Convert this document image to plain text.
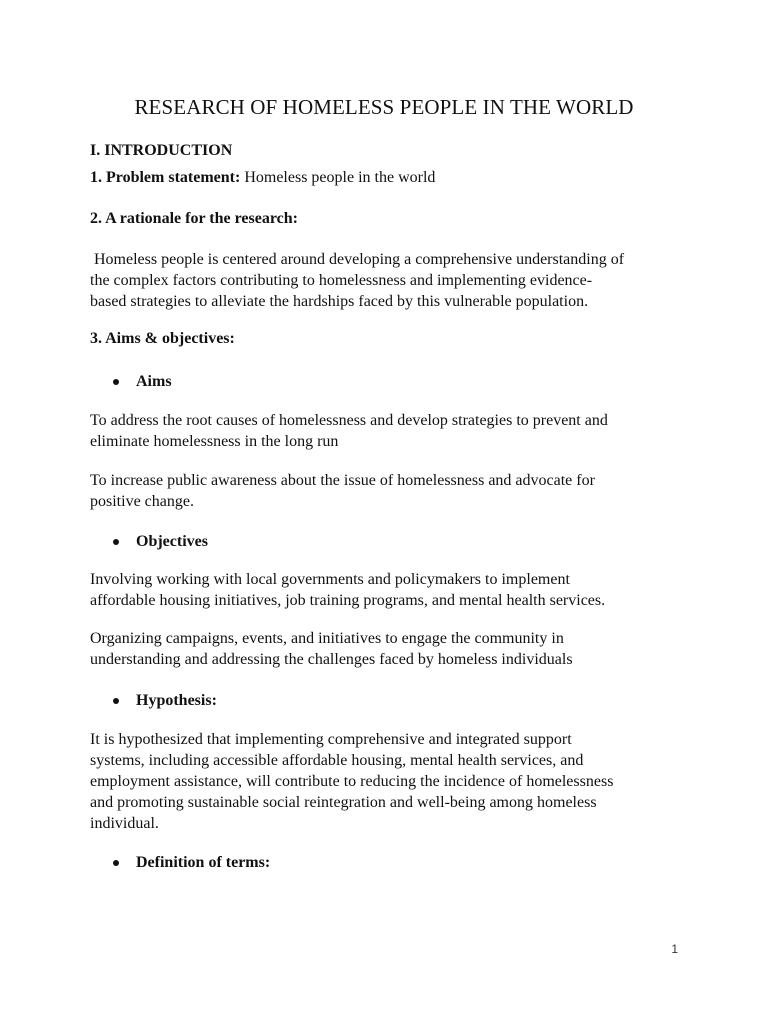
RESEARCH OF HOMELESS PEOPLE IN THE WORLD
I. INTRODUCTION
1. Problem statement: Homeless people in the world
2. A rationale for the research:
Homeless people is centered around developing a comprehensive understanding of
the complex factors contributing to homelessness and implementing evidence-
based strategies to alleviate the hardships faced by this vulnerable population.
3. Aims & objectives:
Aims
To address the root causes of homelessness and develop strategies to prevent and
eliminate homelessness in the long run
To increase public awareness about the issue of homelessness and advocate for
positive change.
Objectives
Involving working with local governments and policymakers to implement
affordable housing initiatives, job training programs, and mental health services.
Organizing campaigns, events, and initiatives to engage the community in
understanding and addressing the challenges faced by homeless individuals
Hypothesis:
It is hypothesized that implementing comprehensive and integrated support
systems, including accessible affordable housing, mental health services, and
employment assistance, will contribute to reducing the incidence of homelessness
and promoting sustainable social reintegration and well-being among homeless
individual.
Definition of terms:
1
